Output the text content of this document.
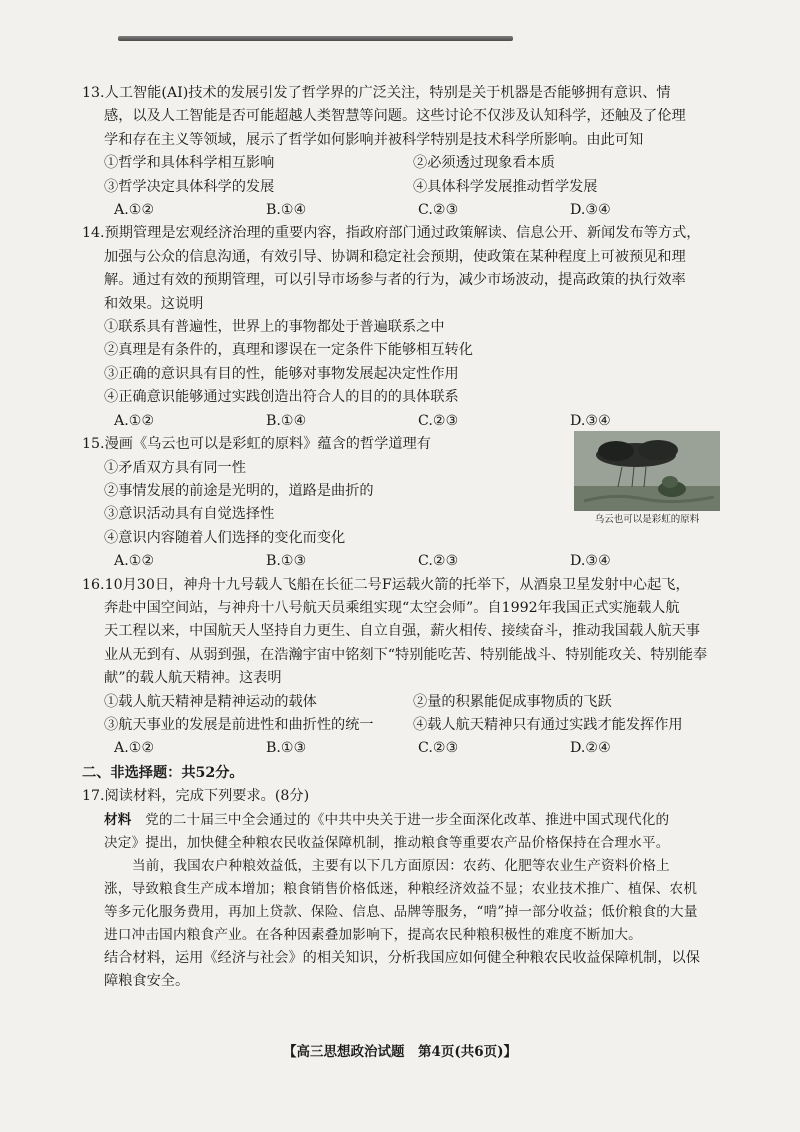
13.人工智能(AI)技术的发展引发了哲学界的广泛关注，特别是关于机器是否能够拥有意识、情
感，以及人工智能是否可能超越人类智慧等问题。这些讨论不仅涉及认知科学，还触及了伦理
学和存在主义等领域，展示了哲学如何影响并被科学特别是技术科学所影响。由此可知
①哲学和具体科学相互影响	②必须透过现象看本质
③哲学决定具体科学的发展	④具体科学发展推动哲学发展
A.①②	B.①④	C.②③	D.③④
14.预期管理是宏观经济治理的重要内容，指政府部门通过政策解读、信息公开、新闻发布等方式，
加强与公众的信息沟通，有效引导、协调和稳定社会预期，使政策在某种程度上可被预见和理
解。通过有效的预期管理，可以引导市场参与者的行为，减少市场波动，提高政策的执行效率
和效果。这说明
①联系具有普遍性，世界上的事物都处于普遍联系之中
②真理是有条件的，真理和谬误在一定条件下能够相互转化
③正确的意识具有目的性，能够对事物发展起决定性作用
④正确意识能够通过实践创造出符合人的目的的具体联系
A.①②	B.①④	C.②③	D.③④
乌云也可以是彩虹的原料
15.漫画《乌云也可以是彩虹的原料》蕴含的哲学道理有
①矛盾双方具有同一性
②事情发展的前途是光明的，道路是曲折的
③意识活动具有自觉选择性
④意识内容随着人们选择的变化而变化
A.①②	B.①③	C.②③	D.③④
16.10月30日，神舟十九号载人飞船在长征二号F运载火箭的托举下，从酒泉卫星发射中心起飞，
奔赴中国空间站，与神舟十八号航天员乘组实现“太空会师”。自1992年我国正式实施载人航
天工程以来，中国航天人坚持自力更生、自立自强，薪火相传、接续奋斗，推动我国载人航天事
业从无到有、从弱到强，在浩瀚宇宙中铭刻下“特别能吃苦、特别能战斗、特别能攻关、特别能奉
献”的载人航天精神。这表明
①载人航天精神是精神运动的载体	②量的积累能促成事物质的飞跃
③航天事业的发展是前进性和曲折性的统一	④载人航天精神只有通过实践才能发挥作用
A.①②	B.①③	C.②③	D.②④
二、非选择题：共52分。
17.阅读材料，完成下列要求。(8分)
材料 党的二十届三中全会通过的《中共中央关于进一步全面深化改革、推进中国式现代化的
决定》提出，加快健全种粮农民收益保障机制，推动粮食等重要农产品价格保持在合理水平。
当前，我国农户种粮效益低，主要有以下几方面原因：农药、化肥等农业生产资料价格上
涨，导致粮食生产成本增加；粮食销售价格低迷，种粮经济效益不显；农业技术推广、植保、农机
等多元化服务费用，再加上贷款、保险、信息、品牌等服务，“啃”掉一部分收益；低价粮食的大量
进口冲击国内粮食产业。在各种因素叠加影响下，提高农民种粮积极性的难度不断加大。
结合材料，运用《经济与社会》的相关知识，分析我国应如何健全种粮农民收益保障机制，以保
障粮食安全。
【高三思想政治试题　第4页(共6页)】
